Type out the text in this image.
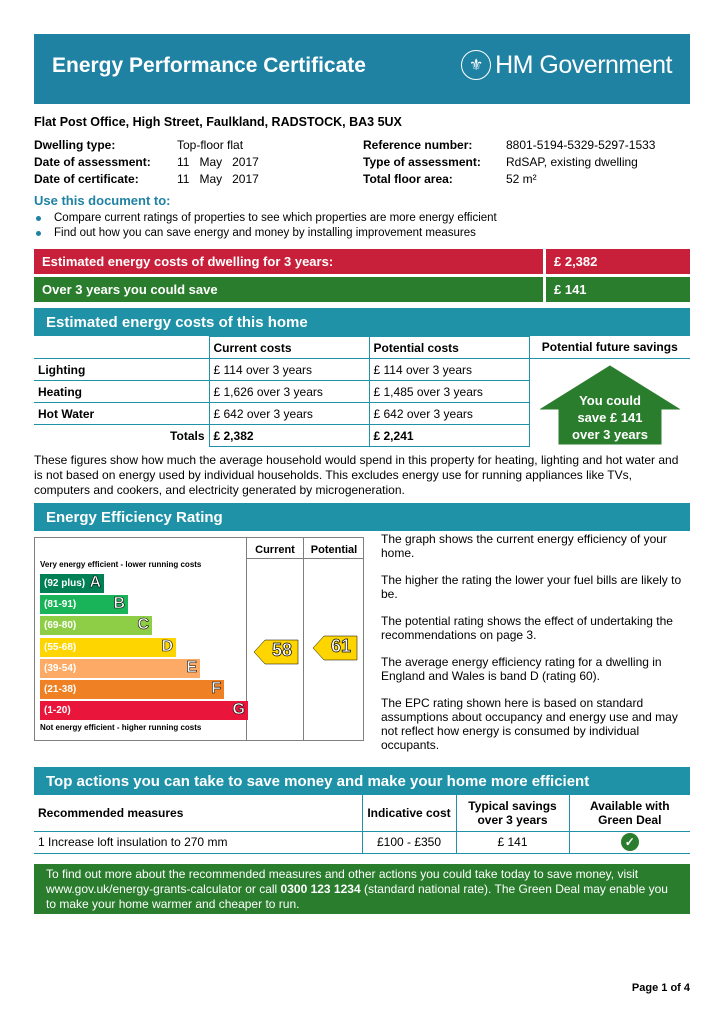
Energy Performance Certificate	⚜ HM Government
Flat Post Office, High Street, Faulkland, RADSTOCK, BA3 5UX
Dwelling type:	Top-floor flat
Date of assessment: 11   May   2017
Date of certificate:	11   May   2017
Reference number:	8801-5194-5329-5297-1533
Type of assessment: RdSAP, existing dwelling
Total floor area:	52 m²
Use this document to:
Compare current ratings of properties to see which properties are more energy efficient
Find out how you can save energy and money by installing improvement measures
Estimated energy costs of dwelling for 3 years:	£ 2,382
Over 3 years you could save	£ 141
Estimated energy costs of this home
	Current costs	Potential costs	Potential future savings
Lighting	£ 114 over 3 years	£ 114 over 3 years	
Heating	£ 1,626 over 3 years	£ 1,485 over 3 years	
Hot Water	£ 642 over 3 years	£ 642 over 3 years	
Totals	£ 2,382	£ 2,241	
You could
save £ 141
over 3 years
These figures show how much the average household would spend in this property for heating, lighting and hot water and is not based on energy used by individual households. This excludes energy use for running appliances like TVs, computers and cookers, and electricity generated by microgeneration.
Energy Efficiency Rating
Current	Potential
Very energy efficient - lower running costs
Not energy efficient - higher running costs
(92 plus) A
(81-91) B
(69-80)	C
(55-68)	D
(39-54)	E
(21-38)	F
(1-20)	G
58	61

The graph shows the current energy efficiency of your home.

The higher the rating the lower your fuel bills are likely to be.

The potential rating shows the effect of undertaking the recommendations on page 3.

The average energy efficiency rating for a dwelling in England and Wales is band D (rating 60).

The EPC rating shown here is based on standard assumptions about occupancy and energy use and may not reflect how energy is consumed by individual occupants.

Top actions you can take to save money and make your home more efficient
Recommended measures	Indicative cost	Typical savings over 3 years	Available with Green Deal
1 Increase loft insulation to 270 mm	£100 - £350	£ 141	✓
To find out more about the recommended measures and other actions you could take today to save money, visit www.gov.uk/energy-grants-calculator or call 0300 123 1234 (standard national rate). The Green Deal may enable you to make your home warmer and cheaper to run.
Page 1 of 4
